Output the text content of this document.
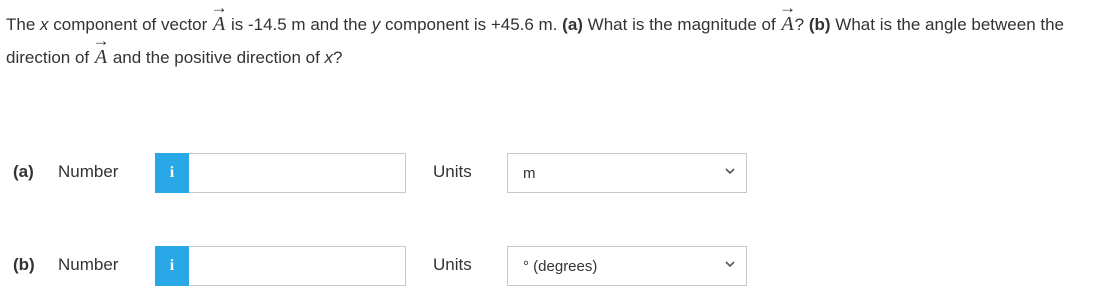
The x component of vector → A is -14.5 m and the y component is +45.6 m. (a) What is the magnitude of → A? (b) What is the angle between the direction of → A and the positive direction of x?
(a) Number	i	Units	m
(b) Number	i	Units	° (degrees)
